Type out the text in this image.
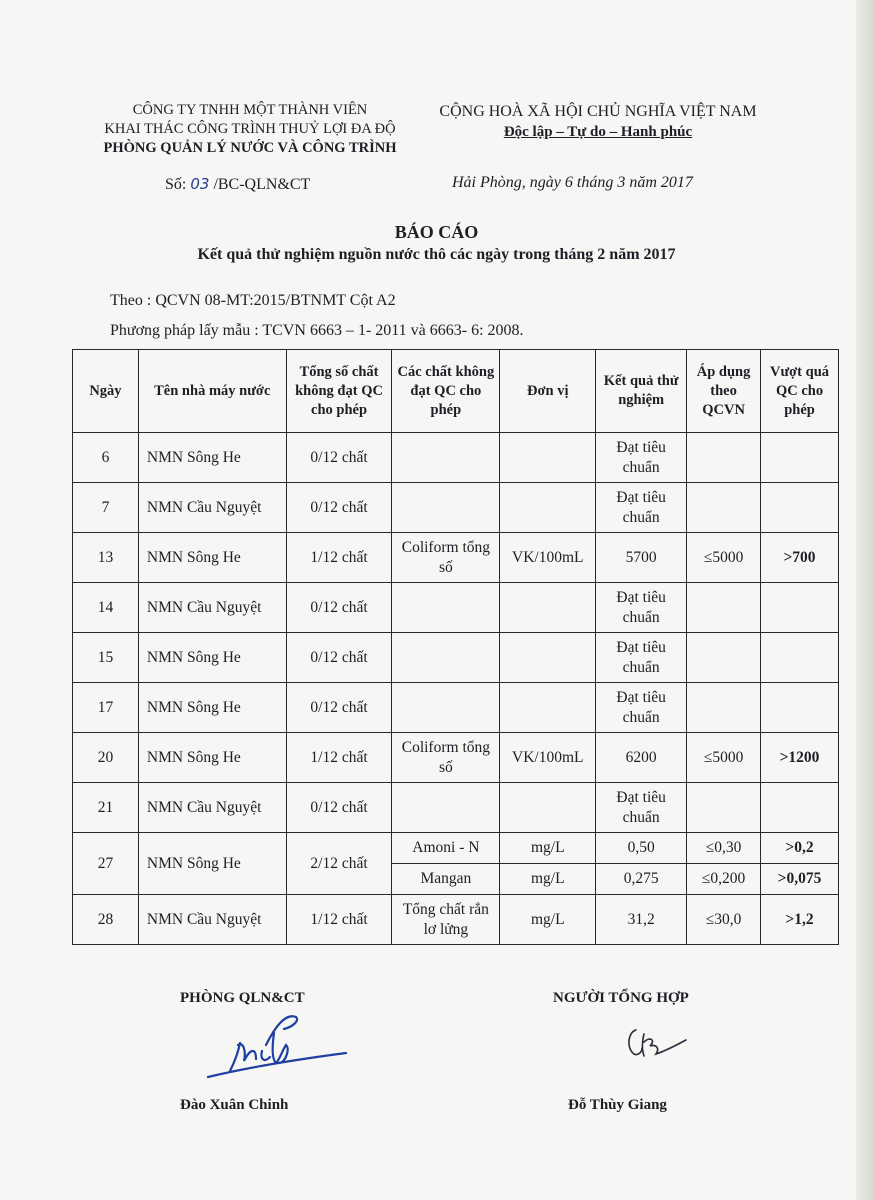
CÔNG TY TNHH MỘT THÀNH VIÊN
KHAI THÁC CÔNG TRÌNH THUỶ LỢI ĐA ĐỘ
PHÒNG QUẢN LÝ NƯỚC VÀ CÔNG TRÌNH
CỘNG HOÀ XÃ HỘI CHỦ NGHĨA VIỆT NAM
Độc lập – Tự do – Hanh phúc
Số: 03 /BC-QLN&CT	Hải Phòng, ngày 6 tháng 3 năm 2017
BÁO CÁO
Kết quả thử nghiệm nguồn nước thô các ngày trong tháng 2 năm 2017
Theo : QCVN 08-MT:2015/BTNMT Cột A2
Phương pháp lấy mẫu : TCVN 6663 – 1- 2011 và 6663- 6: 2008.
Ngày	Tên nhà máy nước	Tổng số chất không đạt QC cho phép	Các chất không đạt QC cho phép	Đơn vị	Kết quả thử nghiệm	Áp dụng theo QCVN	Vượt quá QC cho phép
6	NMN Sông He	0/12 chất			Đạt tiêu chuẩn		
7	NMN Cầu Nguyệt	0/12 chất			Đạt tiêu chuẩn		
13	NMN Sông He	1/12 chất	Coliform tổng số	VK/100mL	5700	≤5000	>700
14	NMN Cầu Nguyệt	0/12 chất			Đạt tiêu chuẩn		
15	NMN Sông He	0/12 chất			Đạt tiêu chuẩn		
17	NMN Sông He	0/12 chất			Đạt tiêu chuẩn		
20	NMN Sông He	1/12 chất	Coliform tổng số	VK/100mL	6200	≤5000	>1200
21	NMN Cầu Nguyệt	0/12 chất			Đạt tiêu chuẩn		
27	NMN Sông He	2/12 chất	Amoni - N	mg/L	0,50	≤0,30	>0,2
			Mangan	mg/L	0,275	≤0,200	>0,075
28	NMN Cầu Nguyệt	1/12 chất	Tổng chất rắn lơ lửng	mg/L	31,2	≤30,0	>1,2
PHÒNG QLN&CT	NGƯỜI TỔNG HỢP
Đào Xuân Chinh	Đỗ Thùy Giang
